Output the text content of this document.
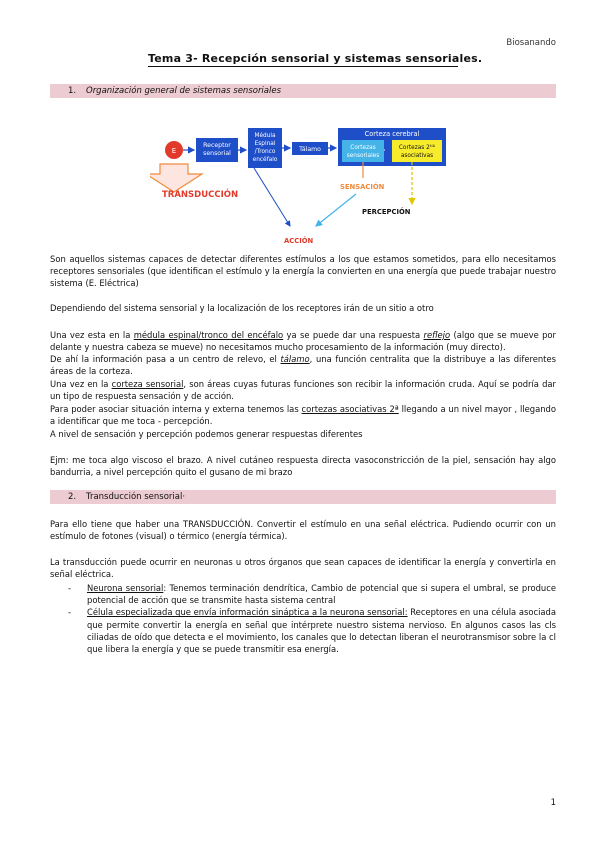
Biosanando
Tema 3- Recepción sensorial y sistemas sensoriales.
1. Organización general de sistemas sensoriales
E
Receptor
sensorial
Médula
Espinal
/Tronco
encéfalo
Tálamo
Corteza cerebral
Cortezas
sensoriales
Cortezas 2ᵗᴵᴬ
asociativas
SENSACIÓN
PERCEPCIÓN
ACCIÓN
TRANSDUCCIÓN
Son aquellos sistemas capaces de detectar diferentes estímulos a los que estamos sometidos, para ello necesitamos receptores sensoriales (que identifican el estímulo y la energía la convierten en una energía que puede trabajar nuestro sistema (E. Eléctrica)
Dependiendo del sistema sensorial y la localización de los receptores irán de un sitio a otro
Una vez esta en la médula espinal/tronco del encéfalo ya se puede dar una respuesta reflejo (algo que se mueve por delante y nuestra cabeza se mueve) no necesitamos mucho procesamiento de la información (muy directo).
De ahí la información pasa a un centro de relevo, el tálamo, una función centralita que la distribuye a las diferentes áreas de la corteza.
Una vez en la corteza sensorial, son áreas cuyas futuras funciones son recibir la información cruda. Aquí se podría dar un tipo de respuesta sensación y de acción.
Para poder asociar situación interna y externa tenemos las cortezas asociativas 2ª llegando a un nivel mayor , llegando a identificar que me toca - percepción.
A nivel de sensación y percepción podemos generar respuestas diferentes
Ejm: me toca algo viscoso el brazo. A nivel cutáneo respuesta directa vasoconstricción de la piel, sensación hay algo bandurria, a nivel percepción quito el gusano de mi brazo
2. Transducción sensorial·
Para ello tiene que haber una TRANSDUCCIÓN. Convertir el estímulo en una señal eléctrica. Pudiendo ocurrir con un estímulo de fotones (visual) o térmico (energía térmica).
La transducción puede ocurrir en neuronas u otros órganos que sean capaces de identificar la energía y convertirla en señal eléctrica.
- Neurona sensorial: Tenemos terminación dendrítica, Cambio de potencial que si supera el umbral, se produce potencial de acción que se transmite hasta sistema central
- Célula especializada que envía información sináptica a la neurona sensorial: Receptores en una célula asociada que permite convertir la energía en señal que intérprete nuestro sistema nervioso. En algunos casos las cls ciliadas de oído que detecta e el movimiento, los canales que lo detectan liberan el neurotransmisor sobre la cl que libera la energía y que se puede transmitir esa energía.
1
